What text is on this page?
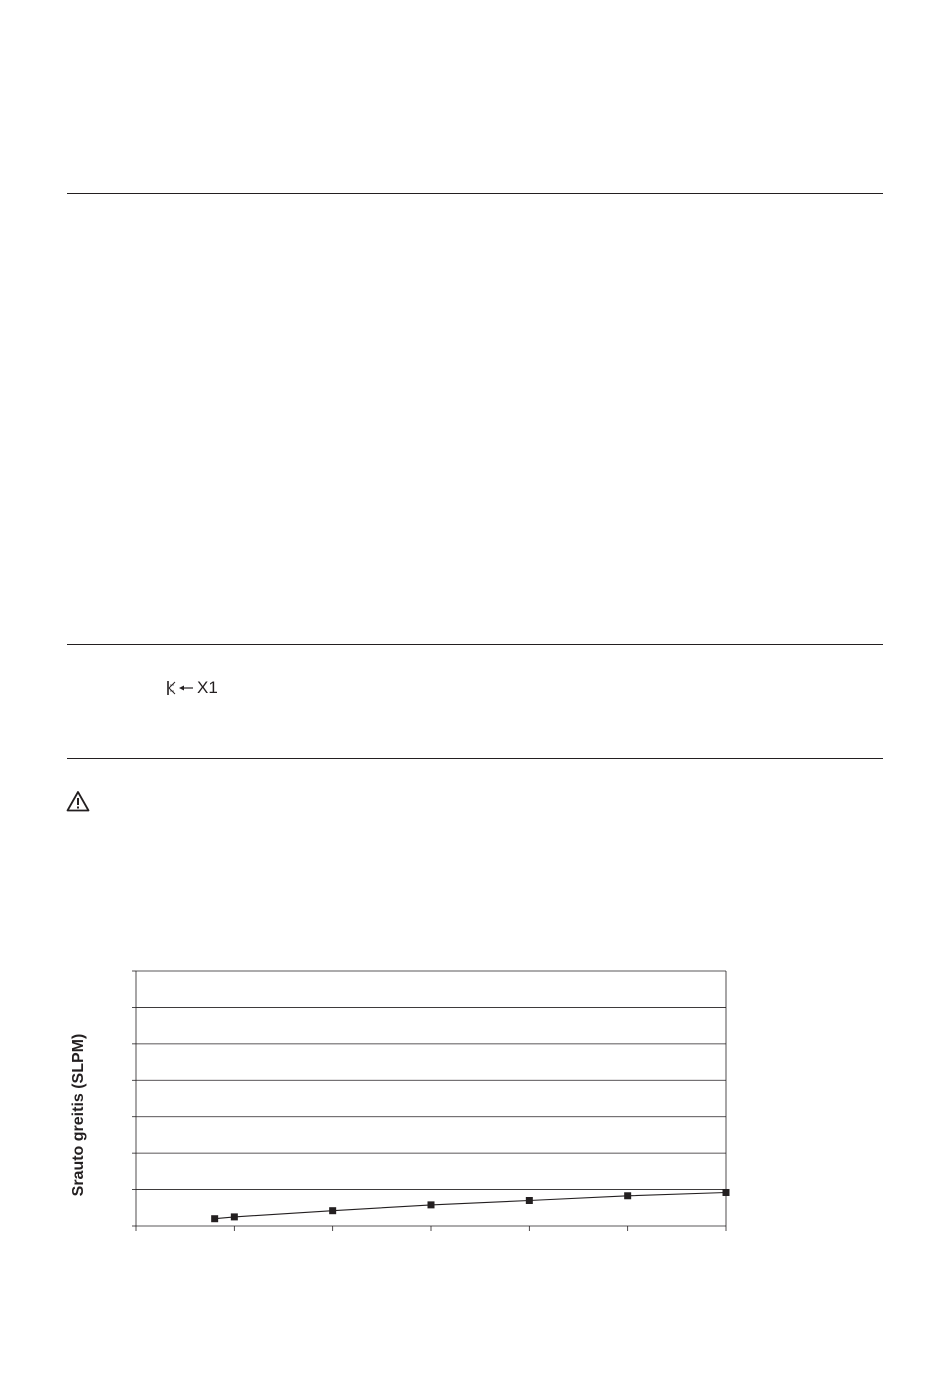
X1
Srauto greitis (SLPM)
